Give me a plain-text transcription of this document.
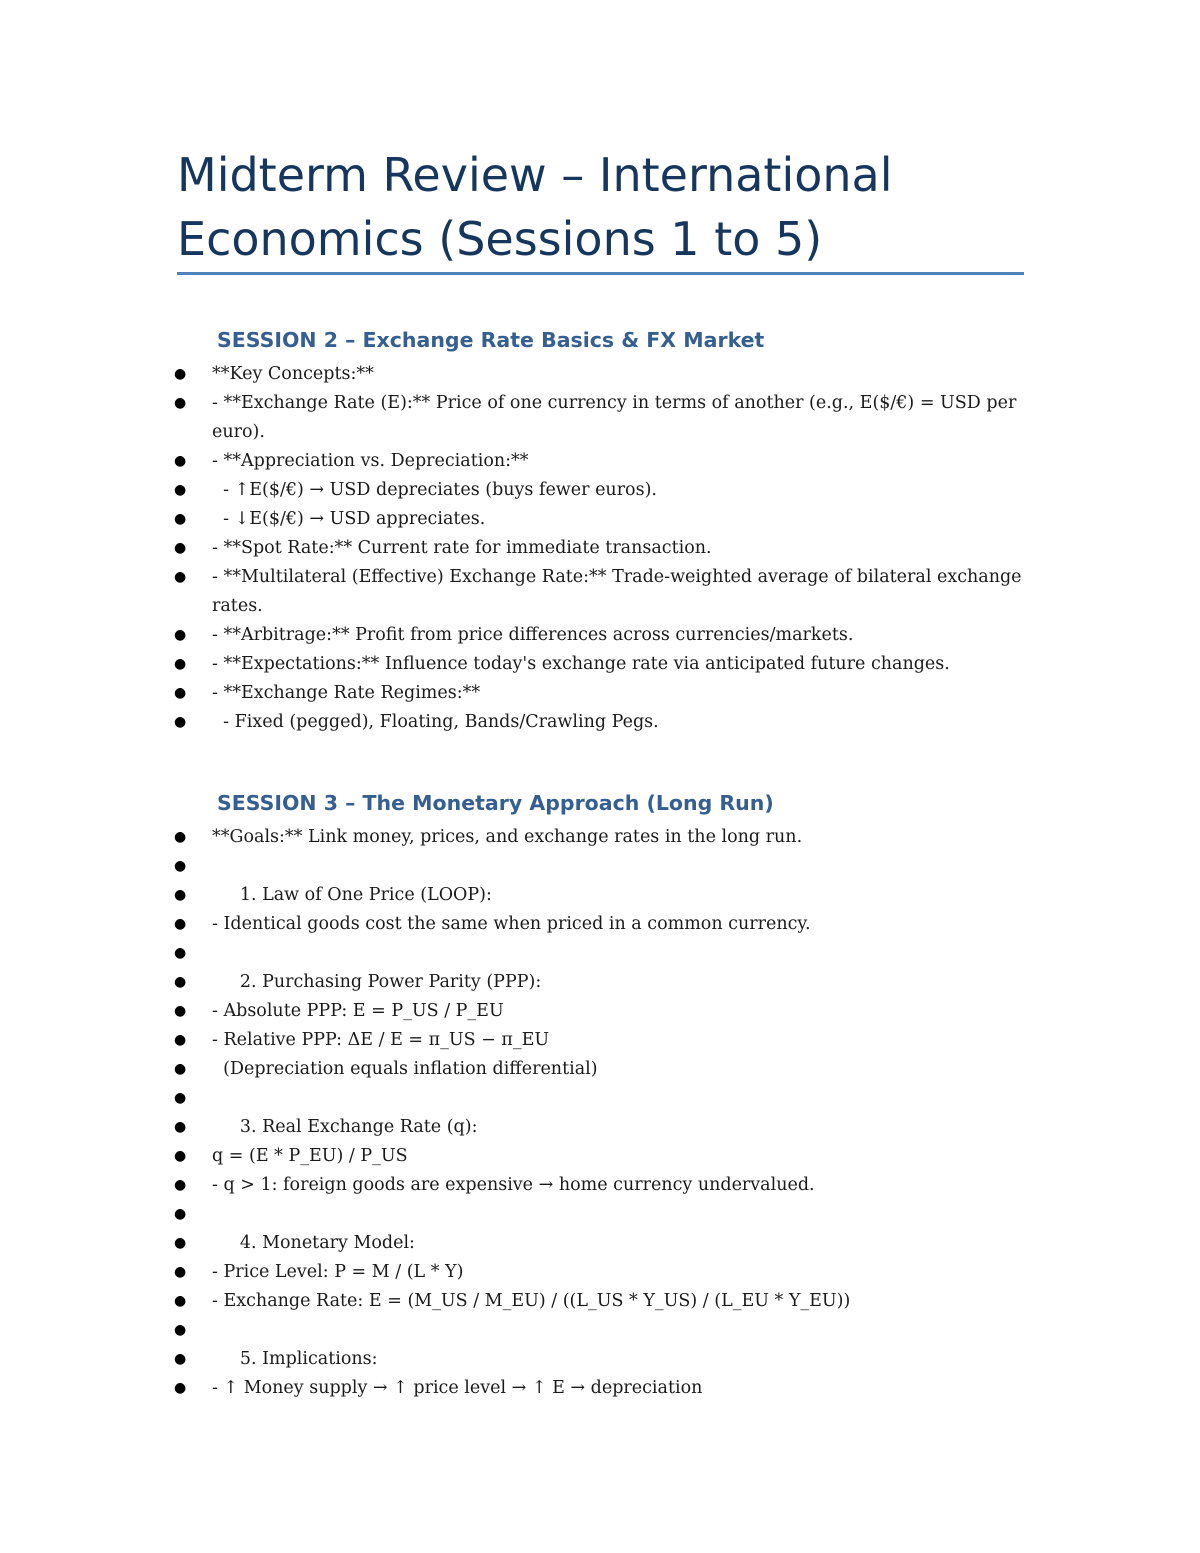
Midterm Review – International Economics (Sessions 1 to 5)
SESSION 2 – Exchange Rate Basics & FX Market
● **Key Concepts:**
● - **Exchange Rate (E):** Price of one currency in terms of another (e.g., E($/€) = USD per euro).
● - **Appreciation vs. Depreciation:**
● - ↑E($/€) → USD depreciates (buys fewer euros).
● - ↓E($/€) → USD appreciates.
● - **Spot Rate:** Current rate for immediate transaction.
● - **Multilateral (Effective) Exchange Rate:** Trade-weighted average of bilateral exchange rates.
● - **Arbitrage:** Profit from price differences across currencies/markets.
● - **Expectations:** Influence today's exchange rate via anticipated future changes.
● - **Exchange Rate Regimes:**
● - Fixed (pegged), Floating, Bands/Crawling Pegs.
SESSION 3 – The Monetary Approach (Long Run)
● **Goals:** Link money, prices, and exchange rates in the long run.
●
● 1. Law of One Price (LOOP):
● - Identical goods cost the same when priced in a common currency.
●
● 2. Purchasing Power Parity (PPP):
● - Absolute PPP: E = P_US / P_EU
● - Relative PPP: ΔE / E = π_US − π_EU
● (Depreciation equals inflation differential)
●
● 3. Real Exchange Rate (q):
● q = (E * P_EU) / P_US
● - q > 1: foreign goods are expensive → home currency undervalued.
●
● 4. Monetary Model:
● - Price Level: P = M / (L * Y)
● - Exchange Rate: E = (M_US / M_EU) / ((L_US * Y_US) / (L_EU * Y_EU))
●
● 5. Implications:
● - ↑ Money supply → ↑ price level → ↑ E → depreciation
